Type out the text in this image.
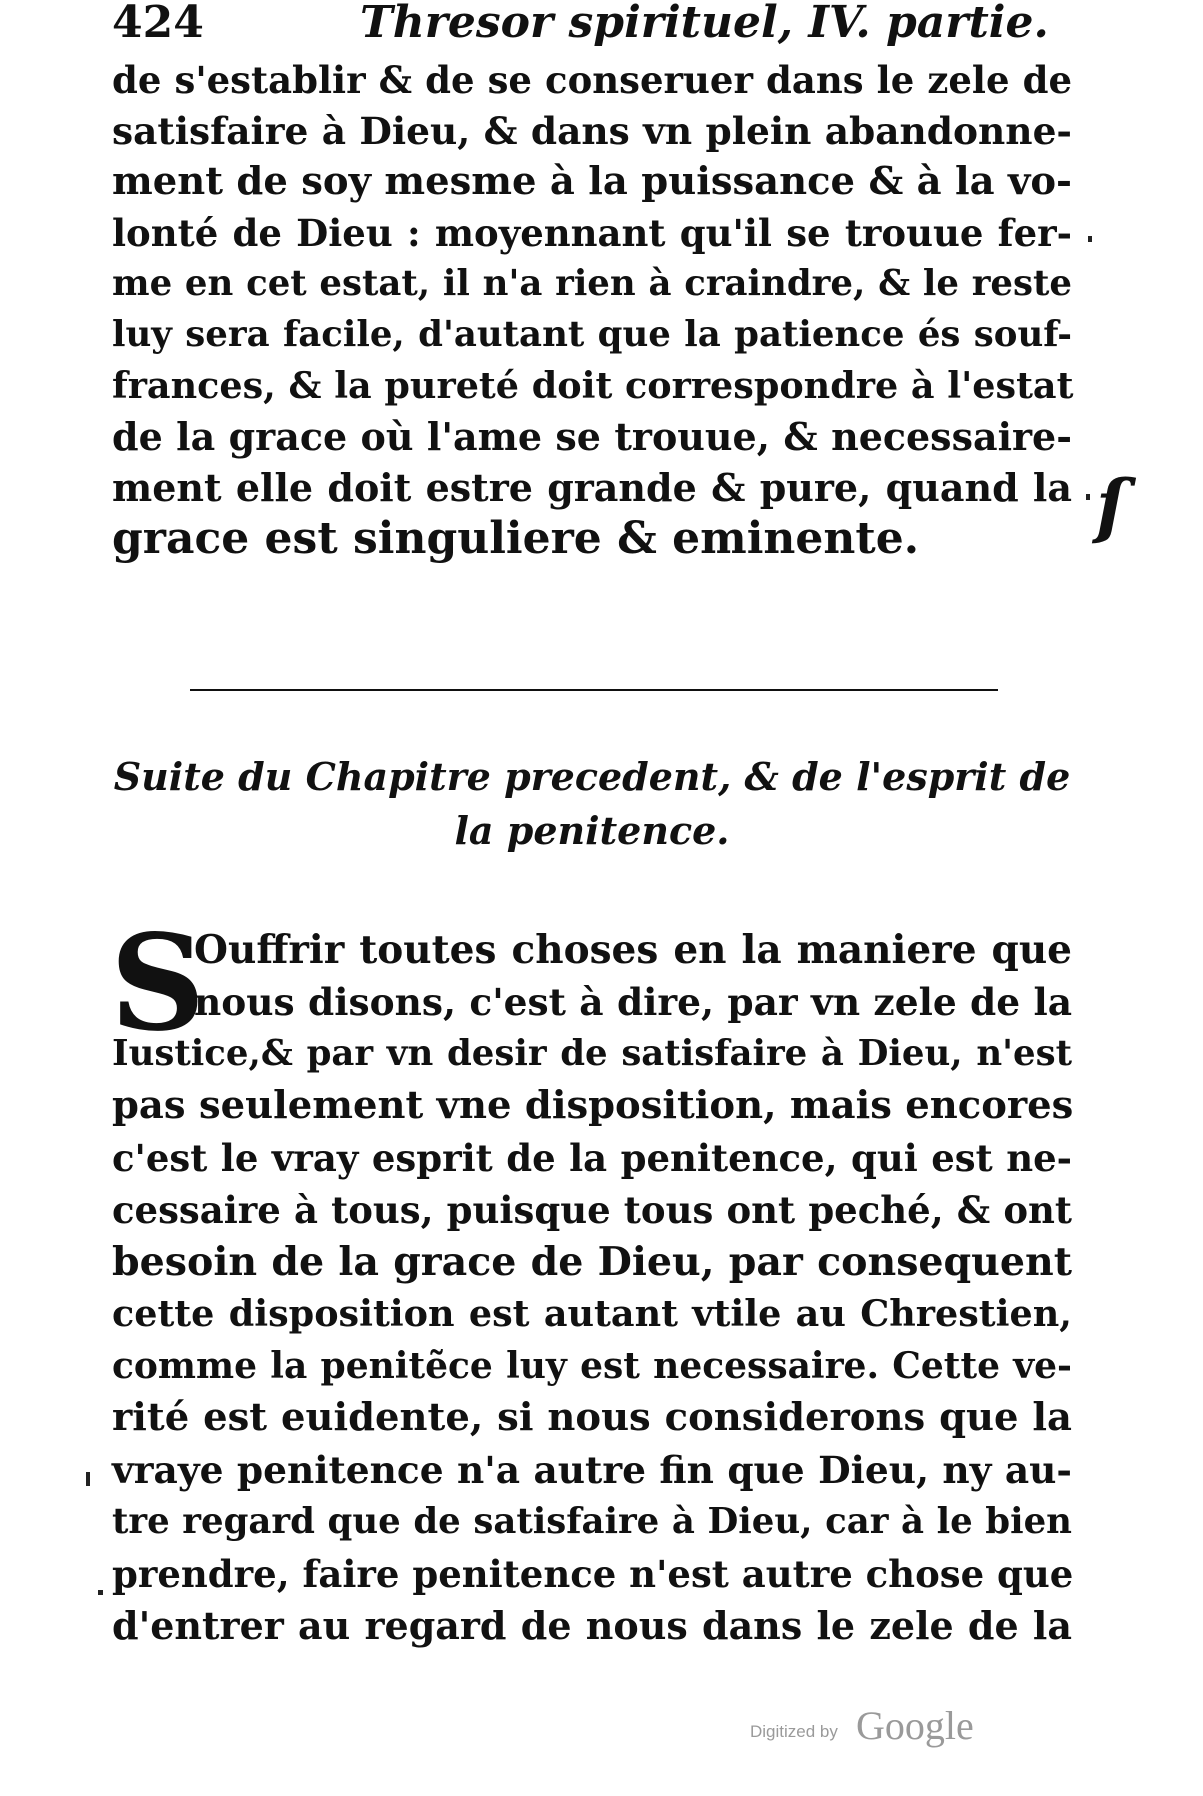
424	Thresor spirituel, IV. partie.
de s'establir & de se conseruer dans le zele de
satisfaire à Dieu, & dans vn plein abandonne-
ment de soy mesme à la puissance & à la vo-
lonté de Dieu : moyennant qu'il se trouue fer-
me en cet estat, il n'a rien à craindre, & le reste
luy sera facile, d'autant que la patience és souf-
frances, & la pureté doit correspondre à l'estat
de la grace où l'ame se trouue, & necessaire-
ment elle doit estre grande & pure, quand la
grace est singuliere & eminente.	ſ
Suite du Chapitre precedent, & de l'esprit de
la penitence.
S
Ouffrir toutes choses en la maniere que
nous disons, c'est à dire, par vn zele de la
Iustice,& par vn desir de satisfaire à Dieu, n'est
pas seulement vne disposition, mais encores
c'est le vray esprit de la penitence, qui est ne-
cessaire à tous, puisque tous ont peché, & ont
besoin de la grace de Dieu, par consequent
cette disposition est autant vtile au Chrestien,
comme la penitẽce luy est necessaire. Cette ve-
rité est euidente, si nous considerons que la
vraye penitence n'a autre fin que Dieu, ny au-
tre regard que de satisfaire à Dieu, car à le bien
prendre, faire penitence n'est autre chose que
d'entrer au regard de nous dans le zele de la
Digitized by Google
